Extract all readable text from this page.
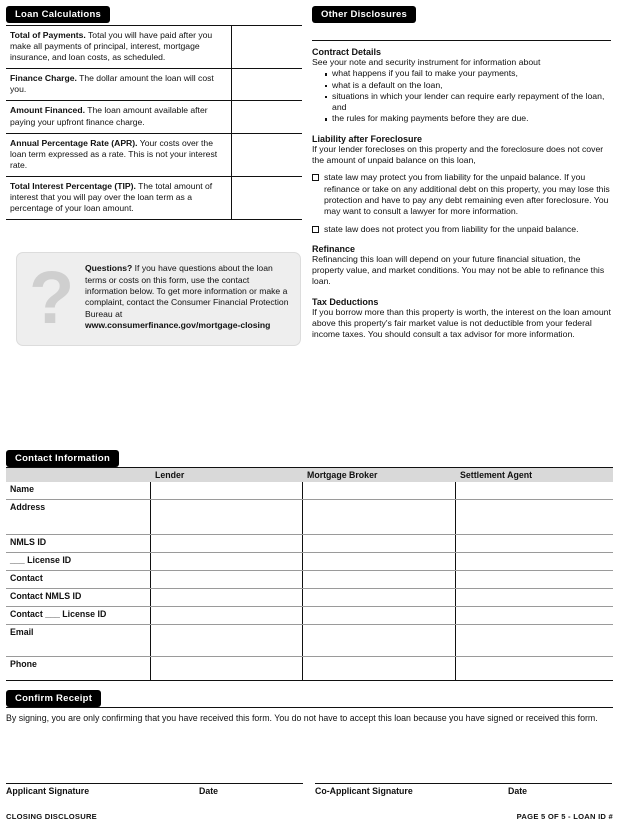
Loan Calculations
Total of Payments. Total you will have paid after you make all payments of principal, interest, mortgage insurance, and loan costs, as scheduled.
Finance Charge. The dollar amount the loan will cost you.
Amount Financed. The loan amount available after paying your upfront finance charge.
Annual Percentage Rate (APR). Your costs over the loan term expressed as a rate. This is not your interest rate.
Total Interest Percentage (TIP). The total amount of interest that you will pay over the loan term as a percentage of your loan amount.
? Questions? If you have questions about the loan terms or costs on this form, use the contact information below. To get more information or make a complaint, contact the Consumer Financial Protection Bureau at
www.consumerfinance.gov/mortgage-closing
Other Disclosures
Contract Details

See your note and security instrument for information about

what happens if you fail to make your payments,
what is a default on the loan,
situations in which your lender can require early repayment of the loan, and
the rules for making payments before they are due.
Liability after Foreclosure

If your lender forecloses on this property and the foreclosure does not cover the amount of unpaid balance on this loan,

state law may protect you from liability for the unpaid balance. If you refinance or take on any additional debt on this property, you may lose this protection and have to pay any debt remaining even after foreclosure. You may want to consult a lawyer for more information.
state law does not protect you from liability for the unpaid balance.
Refinance

Refinancing this loan will depend on your future financial situation, the property value, and market conditions. You may not be able to refinance this loan.

Tax Deductions

If you borrow more than this property is worth, the interest on the loan amount above this property's fair market value is not deductible from your federal income taxes. You should consult a tax advisor for more information.

Contact Information
	Lender	Mortgage Broker	Settlement Agent
Name			
Address			
NMLS ID			
___ License ID			
Contact			
Contact NMLS ID			
Contact ___ License ID			
Email			
Phone			
Confirm Receipt

By signing, you are only confirming that you have received this form. You do not have to accept this loan because you have signed or received this form.

Applicant Signature	Date	Co-Applicant Signature	Date
CLOSING DISCLOSURE	PAGE 5 OF 5 - LOAN ID #
